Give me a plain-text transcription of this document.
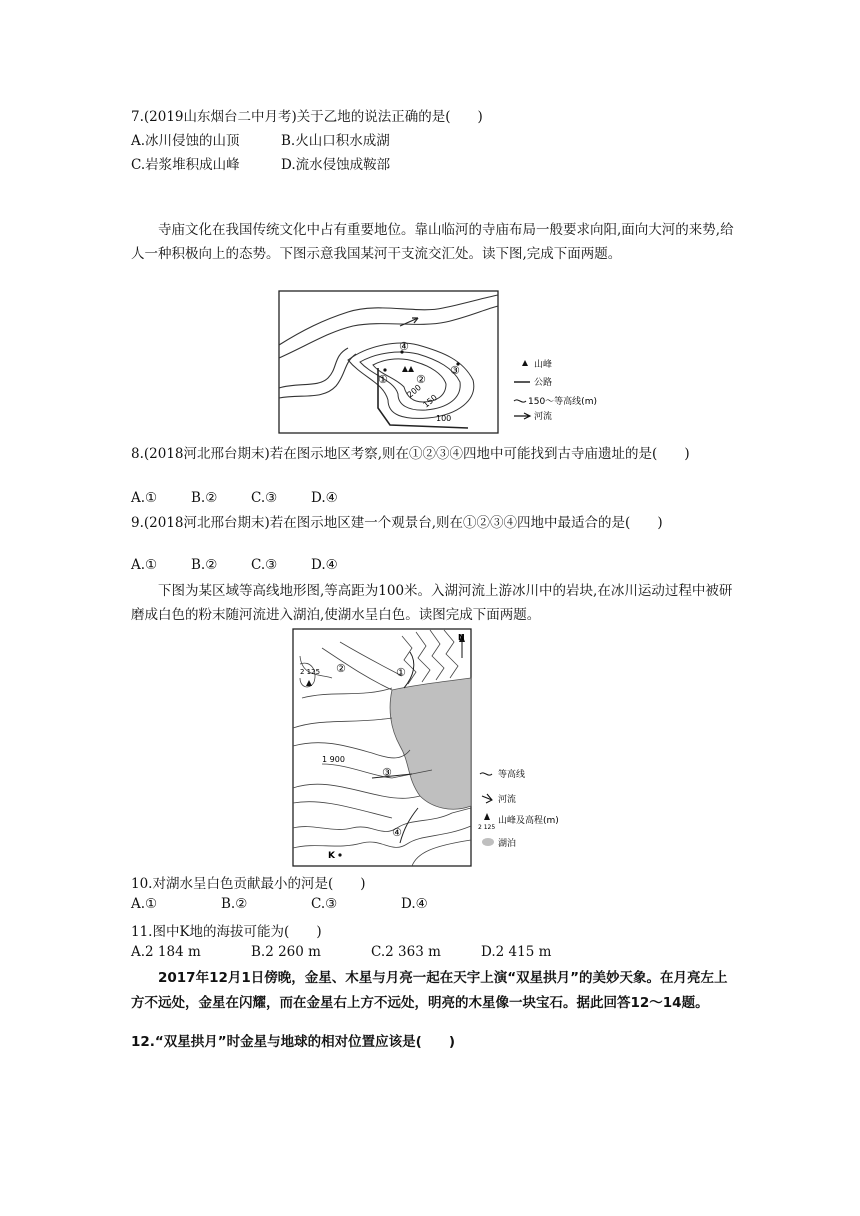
7.(2019山东烟台二中月考)关于乙地的说法正确的是(　　)
A.冰川侵蚀的山顶	B.火山口积水成湖
C.岩浆堆积成山峰	D.流水侵蚀成鞍部
寺庙文化在我国传统文化中占有重要地位。靠山临河的寺庙布局一般要求向阳,面向大河的来势,给人一种积极向上的态势。下图示意我国某河干支流交汇处。读下图,完成下面两题。
200
150
100
①	②
③
④
山峰
公路
150～等高线(m)
河流
8.(2018河北邢台期末)若在图示地区考察,则在①②③④四地中可能找到古寺庙遗址的是(　　)
A.①	B.② C.③	D.④
9.(2018河北邢台期末)若在图示地区建一个观景台,则在①②③④四地中最适合的是(　　)
A.①	B.② C.③	D.④
下图为某区域等高线地形图,等高距为100米。入湖河流上游冰川中的岩块,在冰川运动过程中被研磨成白色的粉末随河流进入湖泊,使湖水呈白色。读图完成下面两题。
N
2 125 ②	①
③
④
1 900
K
等高线
河流
2 125
山峰及高程(m)
湖泊
10.对湖水呈白色贡献最小的河是(　　)
A.①	B.②	C.③	D.④
11.图中K地的海拔可能为(　　)
A.2 184 m	B.2 260 m	C.2 363 m	D.2 415 m
2017年12月1日傍晚，金星、木星与月亮一起在天宇上演“双星拱月”的美妙天象。在月亮左上方不远处，金星在闪耀，而在金星右上方不远处，明亮的木星像一块宝石。据此回答12～14题。
12.“双星拱月”时金星与地球的相对位置应该是(　　)
